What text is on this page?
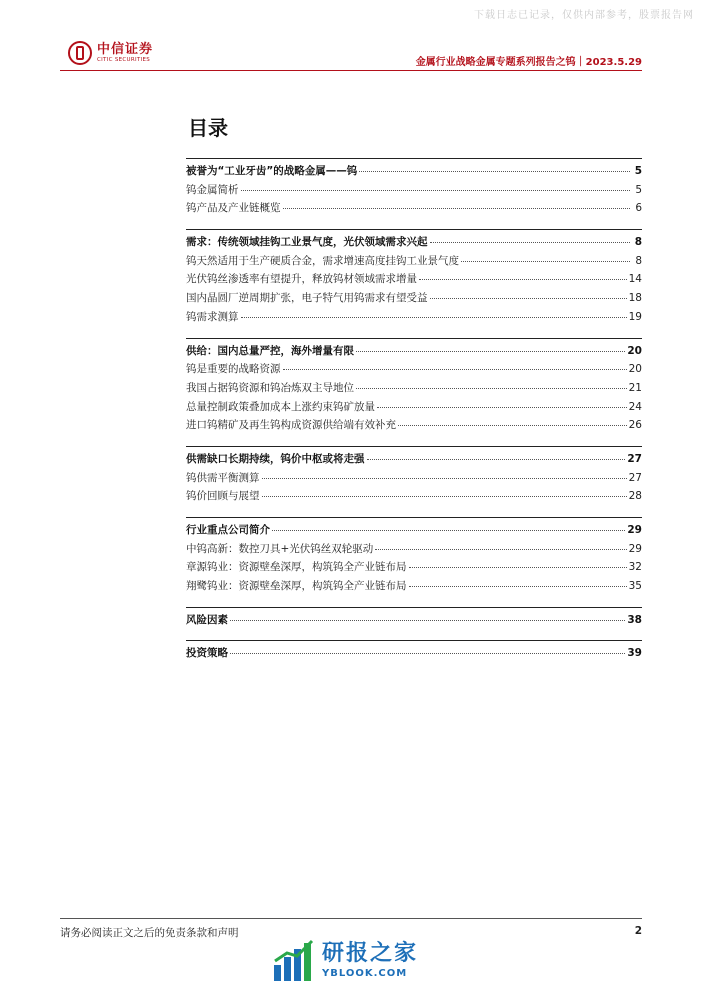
下载日志已记录，仅供内部参考，股票报告网
中信证券
CITIC SECURITIES	金属行业战略金属专题系列报告之钨｜2023.5.29
目录
被誉为“工业牙齿”的战略金属——钨	5
钨金属简析	5
钨产品及产业链概览	6
需求：传统领域挂钩工业景气度，光伏领域需求兴起	8
钨天然适用于生产硬质合金，需求增速高度挂钩工业景气度	8
光伏钨丝渗透率有望提升，释放钨材领域需求增量	14
国内晶圆厂逆周期扩张，电子特气用钨需求有望受益	18
钨需求测算	19
供给：国内总量严控，海外增量有限	20
钨是重要的战略资源	20
我国占据钨资源和钨冶炼双主导地位	21
总量控制政策叠加成本上涨约束钨矿放量	24
进口钨精矿及再生钨构成资源供给端有效补充	26
供需缺口长期持续，钨价中枢或将走强	27
钨供需平衡测算	27
钨价回顾与展望	28
行业重点公司简介	29
中钨高新：数控刀具+光伏钨丝双轮驱动	29
章源钨业：资源壁垒深厚，构筑钨全产业链布局	32
翔鹭钨业：资源壁垒深厚，构筑钨全产业链布局	35
风险因素	38
投资策略	39
请务必阅读正文之后的免责条款和声明	2
研报之家
YBLOOK.COM
